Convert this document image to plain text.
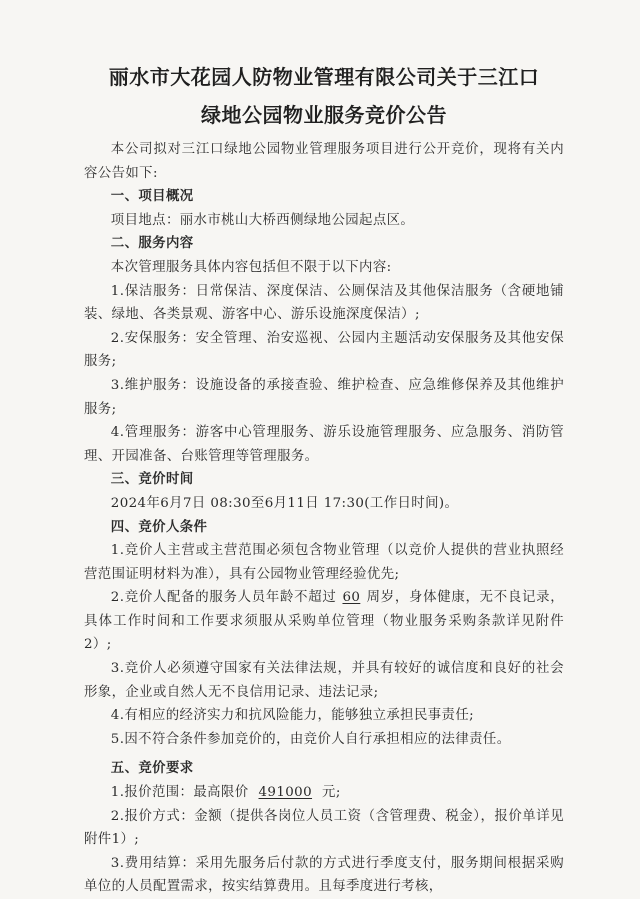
丽水市大花园人防物业管理有限公司关于三江口
绿地公园物业服务竞价公告

本公司拟对三江口绿地公园物业管理服务项目进行公开竞价，现将有关内容公告如下:

一、项目概况

项目地点：丽水市桃山大桥西侧绿地公园起点区。

二、服务内容

本次管理服务具体内容包括但不限于以下内容:

1.保洁服务：日常保洁、深度保洁、公厕保洁及其他保洁服务（含硬地铺装、绿地、各类景观、游客中心、游乐设施深度保洁）;

2.安保服务：安全管理、治安巡视、公园内主题活动安保服务及其他安保服务;

3.维护服务：设施设备的承接查验、维护检查、应急维修保养及其他维护服务;

4.管理服务：游客中心管理服务、游乐设施管理服务、应急服务、消防管理、开园准备、台账管理等管理服务。

三、竞价时间

2024年6月7日 08:30至6月11日 17:30(工作日时间)。

四、竞价人条件

1.竞价人主营或主营范围必须包含物业管理（以竞价人提供的营业执照经营范围证明材料为准），具有公园物业管理经验优先;

2.竞价人配备的服务人员年龄不超过 60 周岁，身体健康，无不良记录，具体工作时间和工作要求须服从采购单位管理（物业服务采购条款详见附件2）;

3.竞价人必须遵守国家有关法律法规，并具有较好的诚信度和良好的社会形象，企业或自然人无不良信用记录、违法记录;

4.有相应的经济实力和抗风险能力，能够独立承担民事责任;

5.因不符合条件参加竞价的，由竞价人自行承担相应的法律责任。

五、竞价要求

1.报价范围：最高限价 491000 元;

2.报价方式：金额（提供各岗位人员工资（含管理费、税金），报价单详见附件1）;

3.费用结算：采用先服务后付款的方式进行季度支付，服务期间根据采购单位的人员配置需求，按实结算费用。且每季度进行考核，
